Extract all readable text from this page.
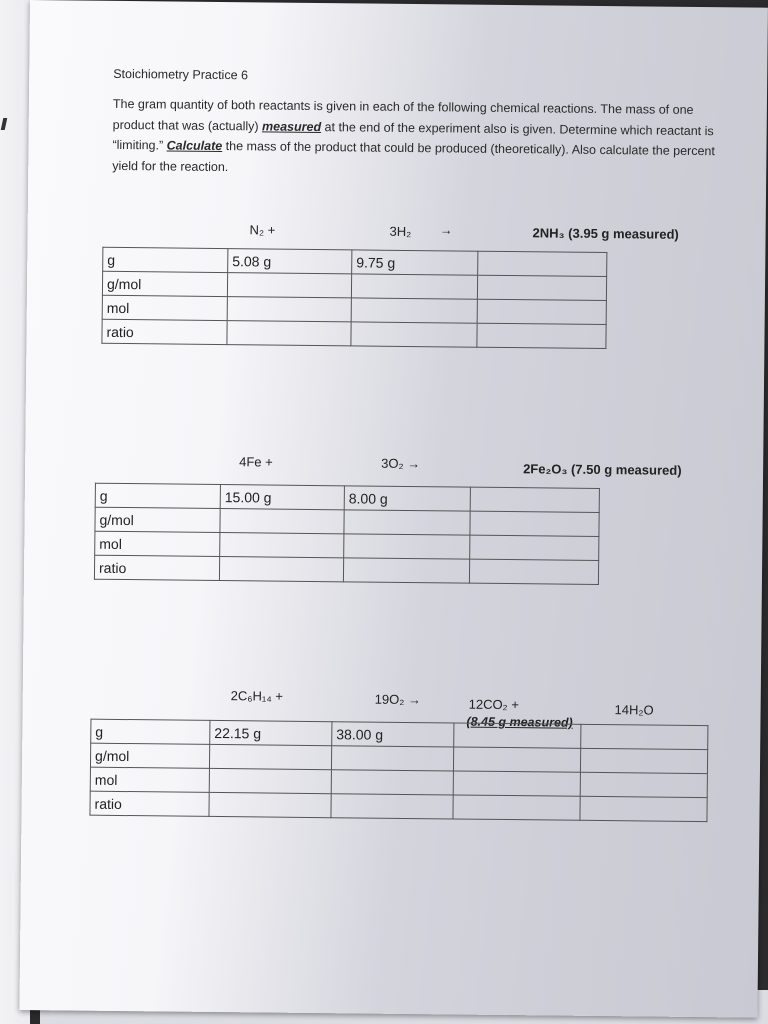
Stoichiometry Practice 6
The gram quantity of both reactants is given in each of the following chemical reactions. The mass of one product that was (actually) measured at the end of the experiment also is given. Determine which reactant is “limiting.” Calculate the mass of the product that could be produced (theoretically). Also calculate the percent yield for the reaction.
N₂ +	3H₂ →	2NH₃ (3.95 g measured)
g	5.08 g	9.75 g	
g/mol			
mol			
ratio			
4Fe +	3O₂ →	2Fe₂O₃ (7.50 g measured)
g	15.00 g	8.00 g	
g/mol			
mol			
ratio			
2C₆H₁₄ +	19O₂ →	12CO₂ +
(8.45 g measured)
14H₂O
g	22.15 g	38.00 g		
g/mol				
mol				
ratio				
